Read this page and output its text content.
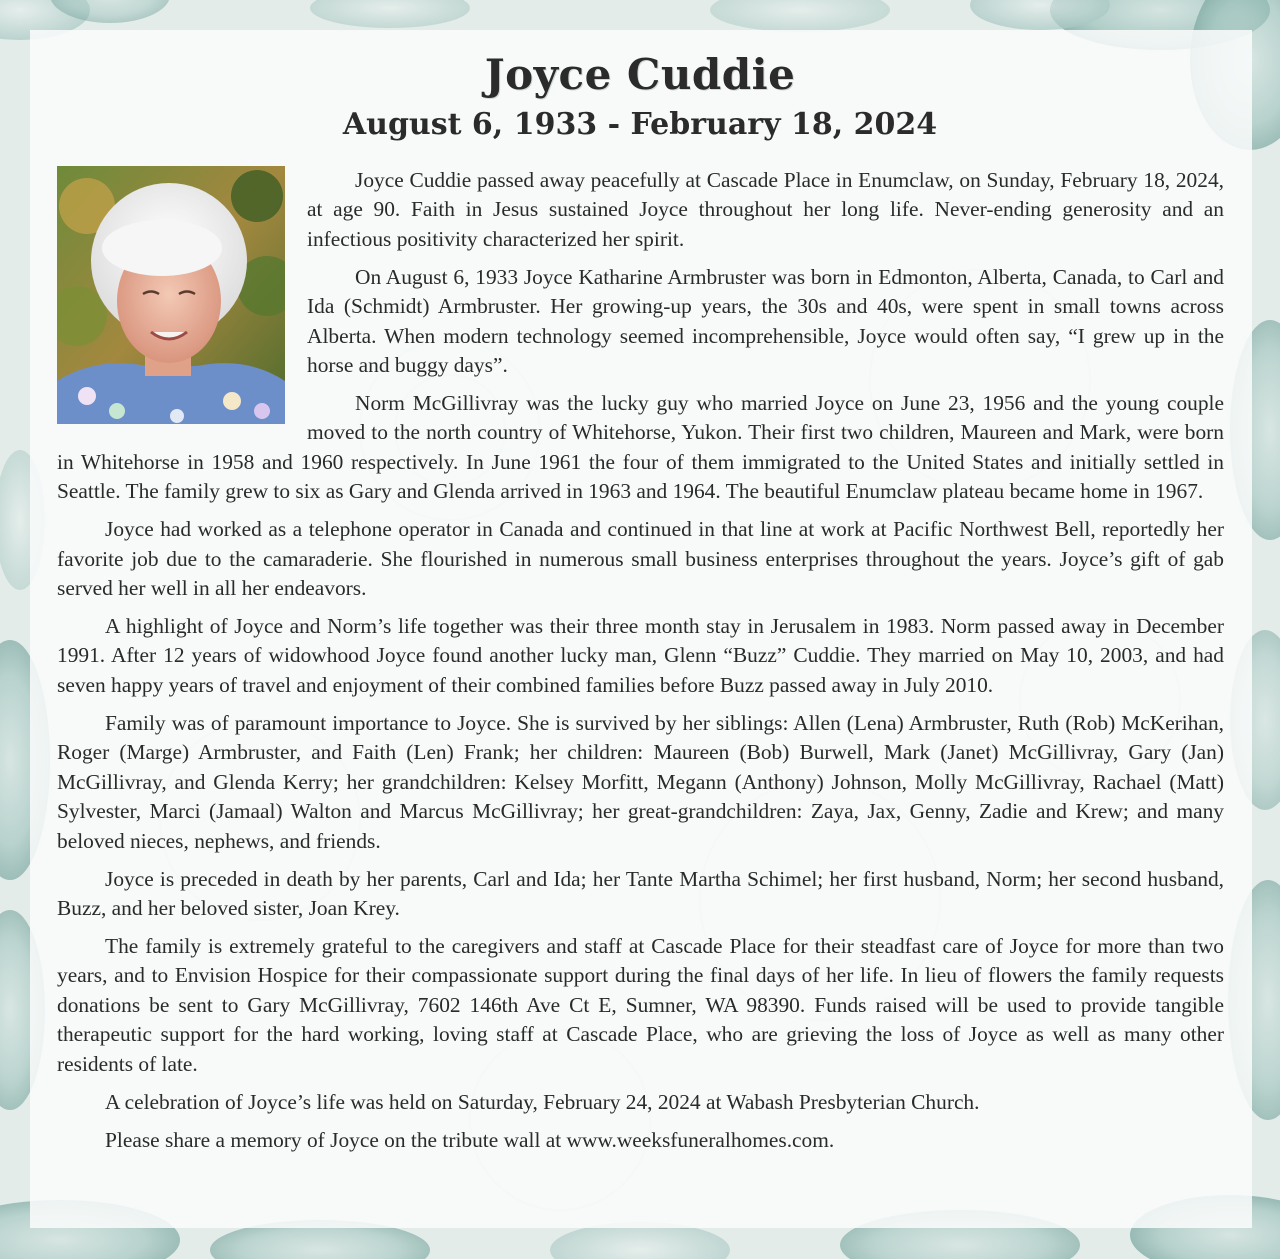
Joyce Cuddie
August 6, 1933 - February 18, 2024

Joyce Cuddie passed away peacefully at Cascade Place in Enumclaw, on Sunday, February 18, 2024, at age 90. Faith in Jesus sustained Joyce throughout her long life. Never-ending generosity and an infectious positivity characterized her spirit.

On August 6, 1933 Joyce Katharine Armbruster was born in Edmonton, Alberta, Canada, to Carl and Ida (Schmidt) Armbruster. Her growing-up years, the 30s and 40s, were spent in small towns across Alberta. When modern technology seemed incomprehensible, Joyce would often say, “I grew up in the horse and buggy days”.

Norm McGillivray was the lucky guy who married Joyce on June 23, 1956 and the young couple moved to the north country of Whitehorse, Yukon. Their first two children, Maureen and Mark, were born in Whitehorse in 1958 and 1960 respectively. In June 1961 the four of them immigrated to the United States and initially settled in Seattle. The family grew to six as Gary and Glenda arrived in 1963 and 1964. The beautiful Enumclaw plateau became home in 1967.

Joyce had worked as a telephone operator in Canada and continued in that line at work at Pacific Northwest Bell, reportedly her favorite job due to the camaraderie. She flourished in numerous small business enterprises throughout the years. Joyce’s gift of gab served her well in all her endeavors.

A highlight of Joyce and Norm’s life together was their three month stay in Jerusalem in 1983. Norm passed away in December 1991. After 12 years of widowhood Joyce found another lucky man, Glenn “Buzz” Cuddie. They married on May 10, 2003, and had seven happy years of travel and enjoyment of their combined families before Buzz passed away in July 2010.

Family was of paramount importance to Joyce. She is survived by her siblings: Allen (Lena) Armbruster, Ruth (Rob) McKerihan, Roger (Marge) Armbruster, and Faith (Len) Frank; her children: Maureen (Bob) Burwell, Mark (Janet) McGillivray, Gary (Jan) McGillivray, and Glenda Kerry; her grandchildren: Kelsey Morfitt, Megann (Anthony) Johnson, Molly McGillivray, Rachael (Matt) Sylvester, Marci (Jamaal) Walton and Marcus McGillivray; her great-grandchildren: Zaya, Jax, Genny, Zadie and Krew; and many beloved nieces, nephews, and friends.

Joyce is preceded in death by her parents, Carl and Ida; her Tante Martha Schimel; her first husband, Norm; her second husband, Buzz, and her beloved sister, Joan Krey.

The family is extremely grateful to the caregivers and staff at Cascade Place for their steadfast care of Joyce for more than two years, and to Envision Hospice for their compassionate support during the final days of her life. In lieu of flowers the family requests donations be sent to Gary McGillivray, 7602 146th Ave Ct E, Sumner, WA 98390. Funds raised will be used to provide tangible therapeutic support for the hard working, loving staff at Cascade Place, who are grieving the loss of Joyce as well as many other residents of late.

A celebration of Joyce’s life was held on Saturday, February 24, 2024 at Wabash Presbyterian Church.

Please share a memory of Joyce on the tribute wall at www.weeksfuneralhomes.com.
